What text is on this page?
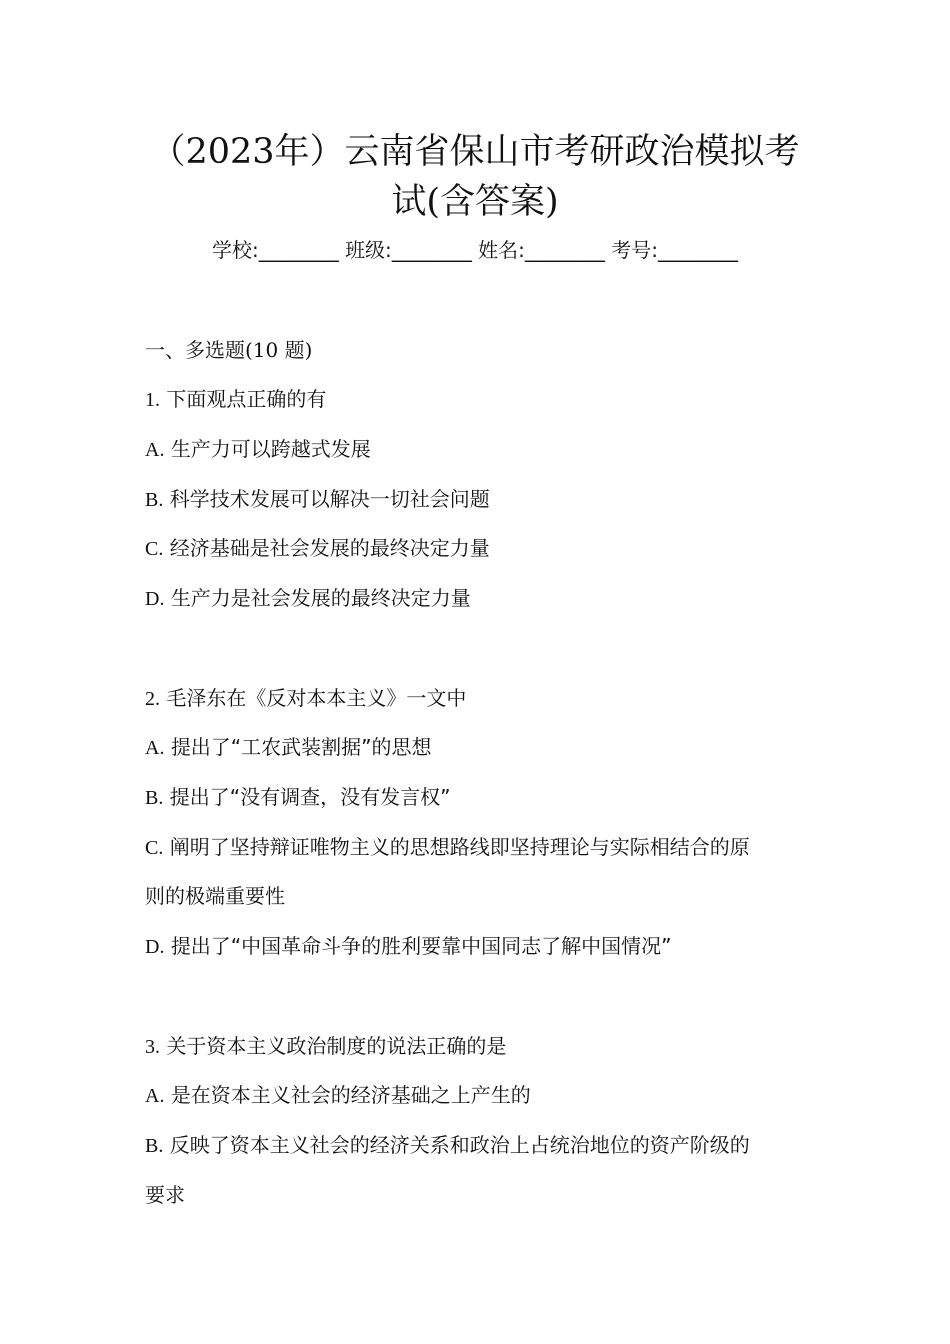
（2023年）云南省保山市考研政治模拟考
试(含答案)
学校:________ 班级:________ 姓名:________ 考号:________
一、多选题(10 题)
1. 下面观点正确的有
A. 生产力可以跨越式发展
B. 科学技术发展可以解决一切社会问题
C. 经济基础是社会发展的最终决定力量
D. 生产力是社会发展的最终决定力量
2. 毛泽东在《反对本本主义》一文中
A. 提出了“工农武装割据”的思想
B. 提出了“没有调查，没有发言权”
C. 阐明了坚持辩证唯物主义的思想路线即坚持理论与实际相结合的原
则的极端重要性
D. 提出了“中国革命斗争的胜利要靠中国同志了解中国情况”
3. 关于资本主义政治制度的说法正确的是
A. 是在资本主义社会的经济基础之上产生的
B. 反映了资本主义社会的经济关系和政治上占统治地位的资产阶级的
要求
